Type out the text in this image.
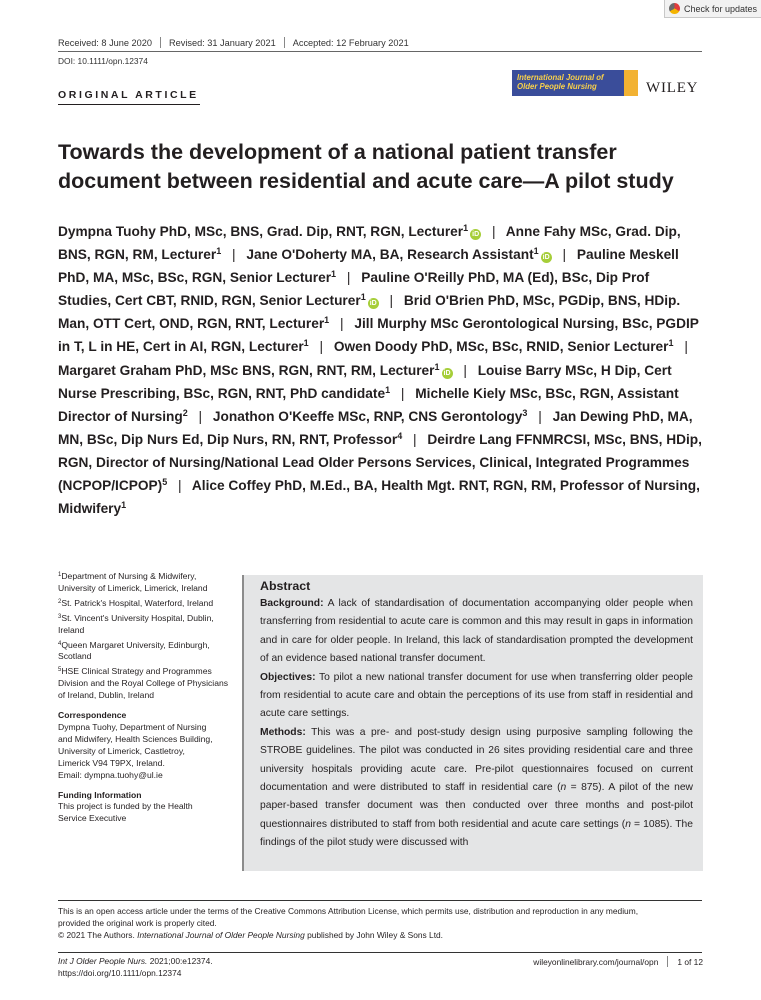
Check for updates
Received: 8 June 2020 Revised: 31 January 2021 Accepted: 12 February 2021
DOI: 10.1111/opn.12374
ORIGINAL ARTICLE
International Journal of
Older People Nursing	WILEY
Towards the development of a national patient transfer document between residential and acute care—A pilot study
Dympna Tuohy PhD, MSc, BNS, Grad. Dip, RNT, RGN, Lecturer$^1$iD | Anne Fahy MSc, Grad. Dip, BNS, RGN, RM, Lecturer$^1$ | Jane O'Doherty MA, BA, Research Assistant$^1$iD | Pauline Meskell PhD, MA, MSc, BSc, RGN, Senior Lecturer$^1$ | Pauline O'Reilly PhD, MA (Ed), BSc, Dip Prof Studies, Cert CBT, RNID, RGN, Senior Lecturer$^1$iD | Brid O'Brien PhD, MSc, PGDip, BNS, HDip. Man, OTT Cert, OND, RGN, RNT, Lecturer$^1$ | Jill Murphy MSc Gerontological Nursing, BSc, PGDIP in T, L in HE, Cert in AI, RGN, Lecturer$^1$ | Owen Doody PhD, MSc, BSc, RNID, Senior Lecturer$^1$ | Margaret Graham PhD, MSc BNS, RGN, RNT, RM, Lecturer$^1$iD | Louise Barry MSc, H Dip, Cert Nurse Prescribing, BSc, RGN, RNT, PhD candidate$^1$ | Michelle Kiely MSc, BSc, RGN, Assistant Director of Nursing$^2$ | Jonathon O'Keeffe MSc, RNP, CNS Gerontology$^3$ | Jan Dewing PhD, MA, MN, BSc, Dip Nurs Ed, Dip Nurs, RN, RNT, Professor$^4$ | Deirdre Lang FFNMRCSI, MSc, BNS, HDip, RGN, Director of Nursing/National Lead Older Persons Services, Clinical, Integrated Programmes (NCPOP/ICPOP)$^5$ | Alice Coffey PhD, M.Ed., BA, Health Mgt. RNT, RGN, RM, Professor of Nursing, Midwifery$^1$

$^1$Department of Nursing & Midwifery, University of Limerick, Limerick, Ireland

$^2$St. Patrick's Hospital, Waterford, Ireland

$^3$St. Vincent's University Hospital, Dublin, Ireland

$^4$Queen Margaret University, Edinburgh, Scotland

$^5$HSE Clinical Strategy and Programmes Division and the Royal College of Physicians of Ireland, Dublin, Ireland

Correspondence

Dympna Tuohy, Department of Nursing
and Midwifery, Health Sciences Building,
University of Limerick, Castletroy,
Limerick V94 T9PX, Ireland.
Email: dympna.tuohy@ul.ie

Funding Information

This project is funded by the Health
Service Executive
Abstract

Background: A lack of standardisation of documentation accompanying older people when transferring from residential to acute care is common and this may result in gaps in information and in care for older people. In Ireland, this lack of standardisation prompted the development of an evidence based national transfer document.

Objectives: To pilot a new national transfer document for use when transferring older people from residential to acute care and obtain the perceptions of its use from staff in residential and acute care settings.

Methods: This was a pre- and post-study design using purposive sampling following the STROBE guidelines. The pilot was conducted in 26 sites providing residential care and three university hospitals providing acute care. Pre-pilot questionnaires focused on current documentation and were distributed to staff in residential care (n = 875). A pilot of the new paper-based transfer document was then conducted over three months and post-pilot questionnaires distributed to staff from both residential and acute care settings (n = 1085). The findings of the pilot study were discussed with

This is an open access article under the terms of the Creative Commons Attribution License, which permits use, distribution and reproduction in any medium,
provided the original work is properly cited.
© 2021 The Authors. International Journal of Older People Nursing published by John Wiley & Sons Ltd.
Int J Older People Nurs. 2021;00:e12374.
https://doi.org/10.1111/opn.12374
wileyonlinelibrary.com/journal/opn 1 of 12
